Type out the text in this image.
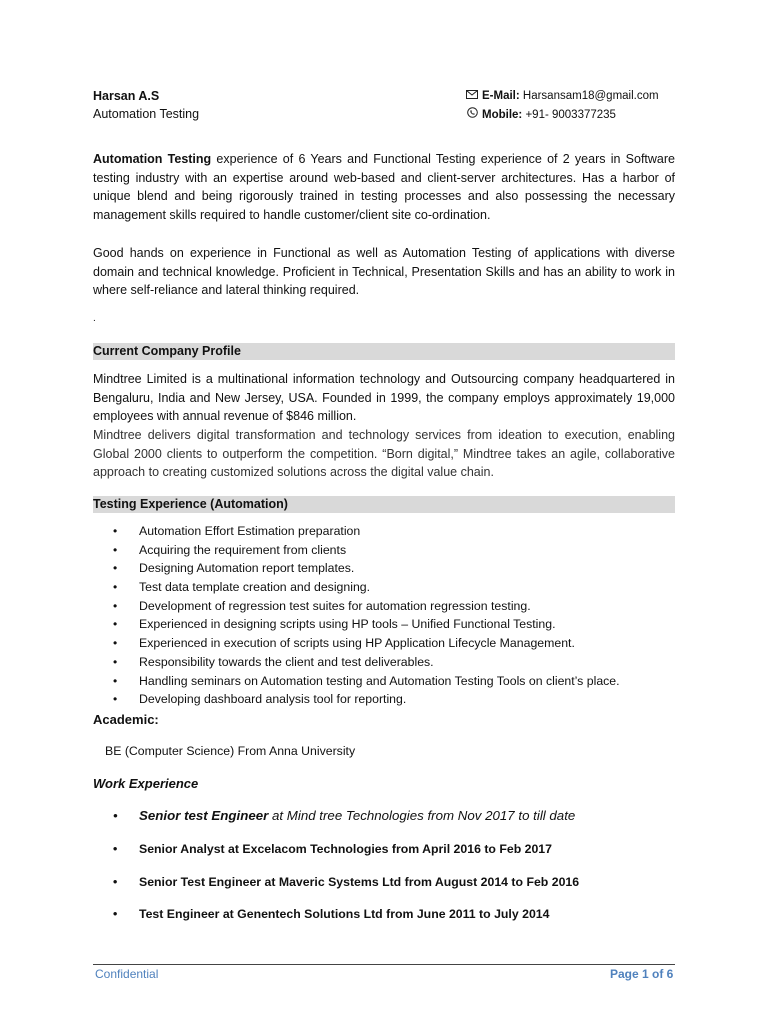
Harsan A.S
Automation Testing
E-Mail: Harsansam18@gmail.com
Mobile: +91- 9003377235
Automation Testing experience of 6 Years and Functional Testing experience of 2 years in Software testing industry with an expertise around web-based and client-server architectures. Has a harbor of unique blend and being rigorously trained in testing processes and also possessing the necessary management skills required to handle customer/client site co-ordination.
Good hands on experience in Functional as well as Automation Testing of applications with diverse domain and technical knowledge. Proficient in Technical, Presentation Skills and has an ability to work in where self-reliance and lateral thinking required.
.
Current Company Profile
Mindtree Limited is a multinational information technology and Outsourcing company headquartered in Bengaluru, India and New Jersey, USA. Founded in 1999, the company employs approximately 19,000 employees with annual revenue of $846 million.
Mindtree delivers digital transformation and technology services from ideation to execution, enabling Global 2000 clients to outperform the competition. “Born digital,” Mindtree takes an agile, collaborative approach to creating customized solutions across the digital value chain.
Testing Experience (Automation)
• Automation Effort Estimation preparation
• Acquiring the requirement from clients
• Designing Automation report templates.
• Test data template creation and designing.
• Development of regression test suites for automation regression testing.
• Experienced in designing scripts using HP tools – Unified Functional Testing.
• Experienced in execution of scripts using HP Application Lifecycle Management.
• Responsibility towards the client and test deliverables.
• Handling seminars on Automation testing and Automation Testing Tools on client’s place.
• Developing dashboard analysis tool for reporting.
Academic:
BE (Computer Science) From Anna University
Work Experience
• Senior test Engineer at Mind tree Technologies from Nov 2017 to till date
• Senior Analyst at Excelacom Technologies from April 2016 to Feb 2017
• Senior Test Engineer at Maveric Systems Ltd from August 2014 to Feb 2016
• Test Engineer at Genentech Solutions Ltd from June 2011 to July 2014
Confidential	Page 1 of 6
